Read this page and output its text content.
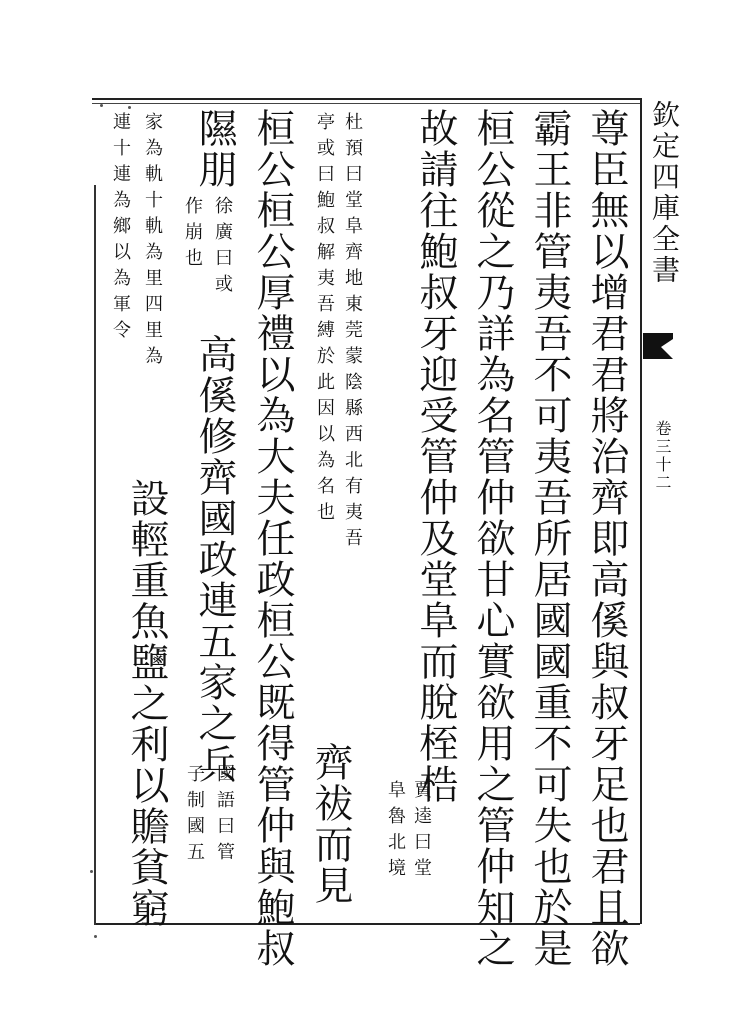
欽定四庫全書
卷三十二
尊臣無以增君君將治齊即高傒與叔牙足也君且欲
霸王非管夷吾不可夷吾所居國國重不可失也於是
桓公從之乃詳為名管仲欲甘心實欲用之管仲知之
故請往鮑叔牙迎受管仲及堂阜而脫桎梏
賈逵曰堂
阜魯北境
杜預曰堂阜齊地東莞蒙陰縣西北有夷吾
亭或曰鮑叔解夷吾縛於此因以為名也
齊祓而見
桓公桓公厚禮以為大夫任政桓公既得管仲與鮑叔
隰朋
徐廣曰或
作崩也
高傒修齊國政連五家之兵
國語曰管
子制國五
家為軌十軌為里四里為
連十連為鄉以為軍令
設輕重魚鹽之利以贍貧窮
